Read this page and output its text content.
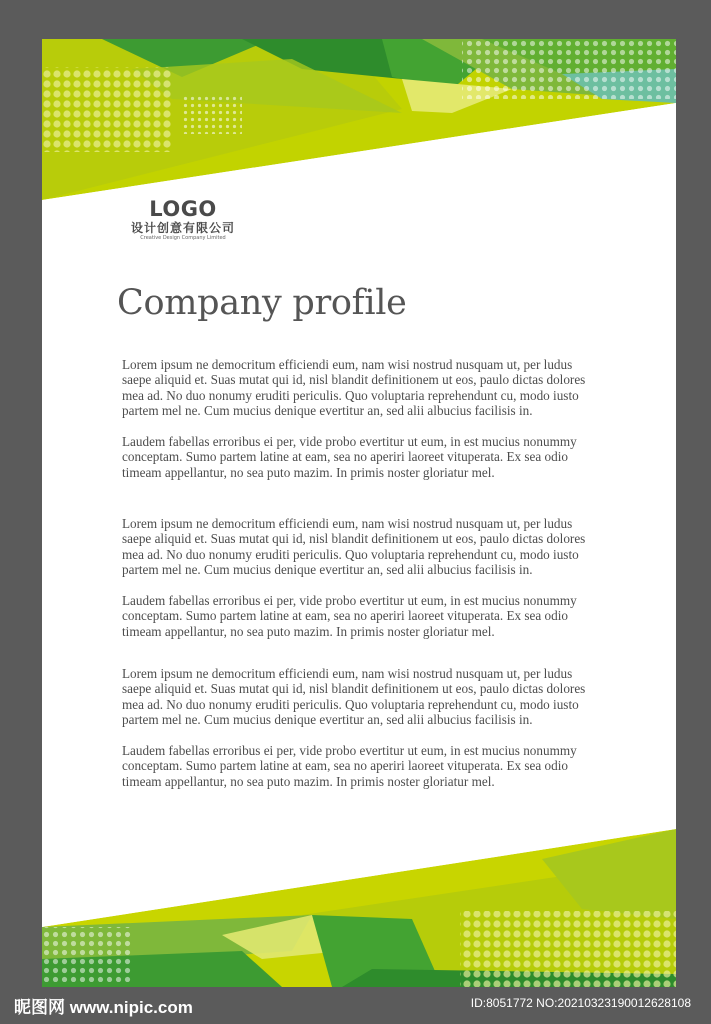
LOGO
设计创意有限公司
Creative Design Company Limited
Company profile

Lorem ipsum ne democritum efficiendi eum, nam wisi nostrud nusquam ut, per ludus saepe aliquid et. Suas mutat qui id, nisl blandit definitionem ut eos, paulo dictas dolores mea ad. No duo nonumy eruditi periculis. Quo voluptaria reprehendunt cu, modo iusto partem mel ne. Cum mucius denique evertitur an, sed alii albucius facilisis in.

Laudem fabellas erroribus ei per, vide probo evertitur ut eum, in est mucius nonummy conceptam. Sumo partem latine at eam, sea no aperiri laoreet vituperata. Ex sea odio timeam appellantur, no sea puto mazim. In primis noster gloriatur mel.

Lorem ipsum ne democritum efficiendi eum, nam wisi nostrud nusquam ut, per ludus saepe aliquid et. Suas mutat qui id, nisl blandit definitionem ut eos, paulo dictas dolores mea ad. No duo nonumy eruditi periculis. Quo voluptaria reprehendunt cu, modo iusto partem mel ne. Cum mucius denique evertitur an, sed alii albucius facilisis in.

Laudem fabellas erroribus ei per, vide probo evertitur ut eum, in est mucius nonummy conceptam. Sumo partem latine at eam, sea no aperiri laoreet vituperata. Ex sea odio timeam appellantur, no sea puto mazim. In primis noster gloriatur mel.

Lorem ipsum ne democritum efficiendi eum, nam wisi nostrud nusquam ut, per ludus saepe aliquid et. Suas mutat qui id, nisl blandit definitionem ut eos, paulo dictas dolores mea ad. No duo nonumy eruditi periculis. Quo voluptaria reprehendunt cu, modo iusto partem mel ne. Cum mucius denique evertitur an, sed alii albucius facilisis in.

Laudem fabellas erroribus ei per, vide probo evertitur ut eum, in est mucius nonummy conceptam. Sumo partem latine at eam, sea no aperiri laoreet vituperata. Ex sea odio timeam appellantur, no sea puto mazim. In primis noster gloriatur mel.

昵图网 www.nipic.com	ID:8051772 NO:20210323190012628108
